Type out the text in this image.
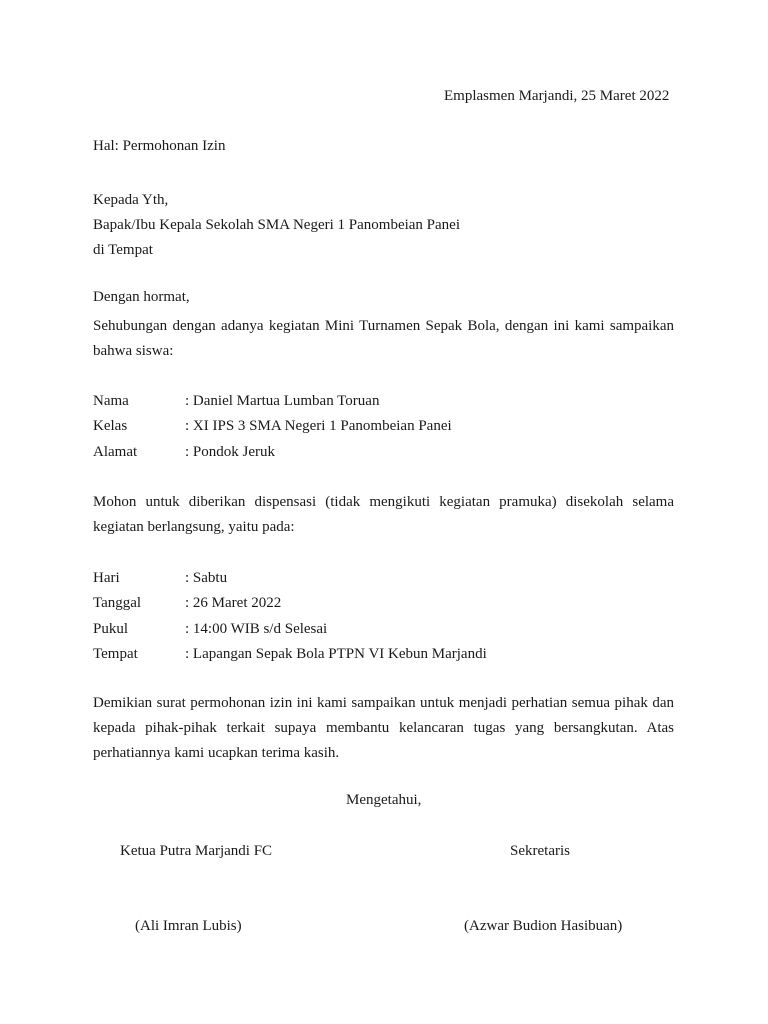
Emplasmen Marjandi, 25 Maret 2022
Hal: Permohonan Izin
Kepada Yth,
Bapak/Ibu Kepala Sekolah SMA Negeri 1 Panombeian Panei
di Tempat
Dengan hormat,
Sehubungan dengan adanya kegiatan Mini Turnamen Sepak Bola, dengan ini kami sampaikan bahwa siswa:
Nama	: Daniel Martua Lumban Toruan
Kelas	: XI IPS 3 SMA Negeri 1 Panombeian Panei
Alamat	: Pondok Jeruk
Mohon untuk diberikan dispensasi (tidak mengikuti kegiatan pramuka) disekolah selama kegiatan berlangsung, yaitu pada:
Hari	: Sabtu
Tanggal	: 26 Maret 2022
Pukul	: 14:00 WIB s/d Selesai
Tempat	: Lapangan Sepak Bola PTPN VI Kebun Marjandi
Demikian surat permohonan izin ini kami sampaikan untuk menjadi perhatian semua pihak dan kepada pihak-pihak terkait supaya membantu kelancaran tugas yang bersangkutan. Atas perhatiannya kami ucapkan terima kasih.
Mengetahui,
Ketua Putra Marjandi FC	Sekretaris
(Ali Imran Lubis)	(Azwar Budion Hasibuan)
